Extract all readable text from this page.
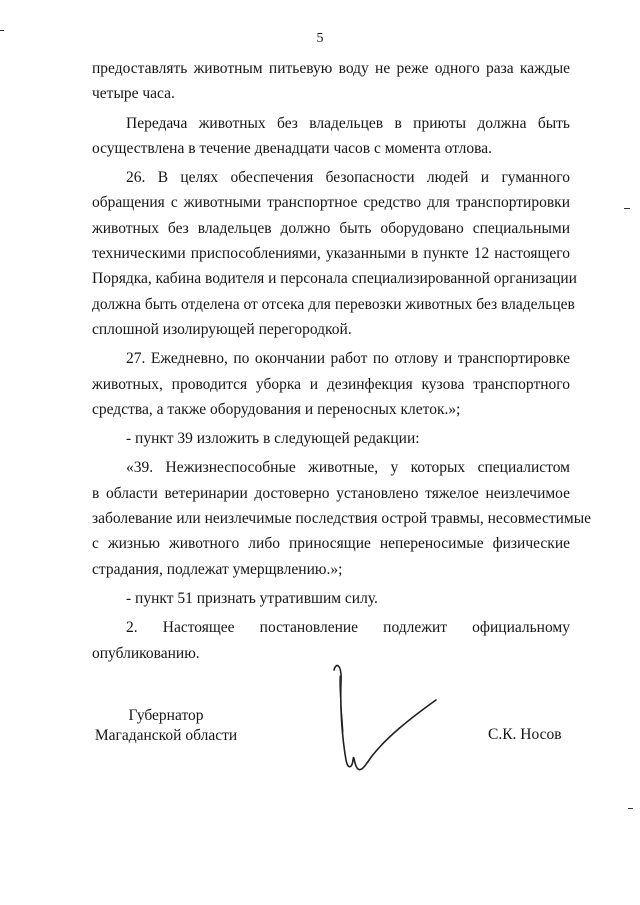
5
предоставлять животным питьевую воду не реже одного раза каждые
четыре часа.
Передача животных без владельцев в приюты должна быть
осуществлена в течение двенадцати часов с момента отлова.
26. В целях обеспечения безопасности людей и гуманного
обращения с животными транспортное средство для транспортировки
животных без владельцев должно быть оборудовано специальными
техническими приспособлениями, указанными в пункте 12 настоящего
Порядка, кабина водителя и персонала специализированной организации
должна быть отделена от отсека для перевозки животных без владельцев
сплошной изолирующей перегородкой.
27. Ежедневно, по окончании работ по отлову и транспортировке
животных, проводится уборка и дезинфекция кузова транспортного
средства, а также оборудования и переносных клеток.»;
- пункт 39 изложить в следующей редакции:
«39. Нежизнеспособные животные, у которых специалистом
в области ветеринарии достоверно установлено тяжелое неизлечимое
заболевание или неизлечимые последствия острой травмы, несовместимые
с жизнью животного либо приносящие непереносимые физические
страдания, подлежат умерщвлению.»;
- пункт 51 признать утратившим силу.
2. Настоящее постановление подлежит официальному
опубликованию.
Губернатор
Магаданской области	С.К. Носов
